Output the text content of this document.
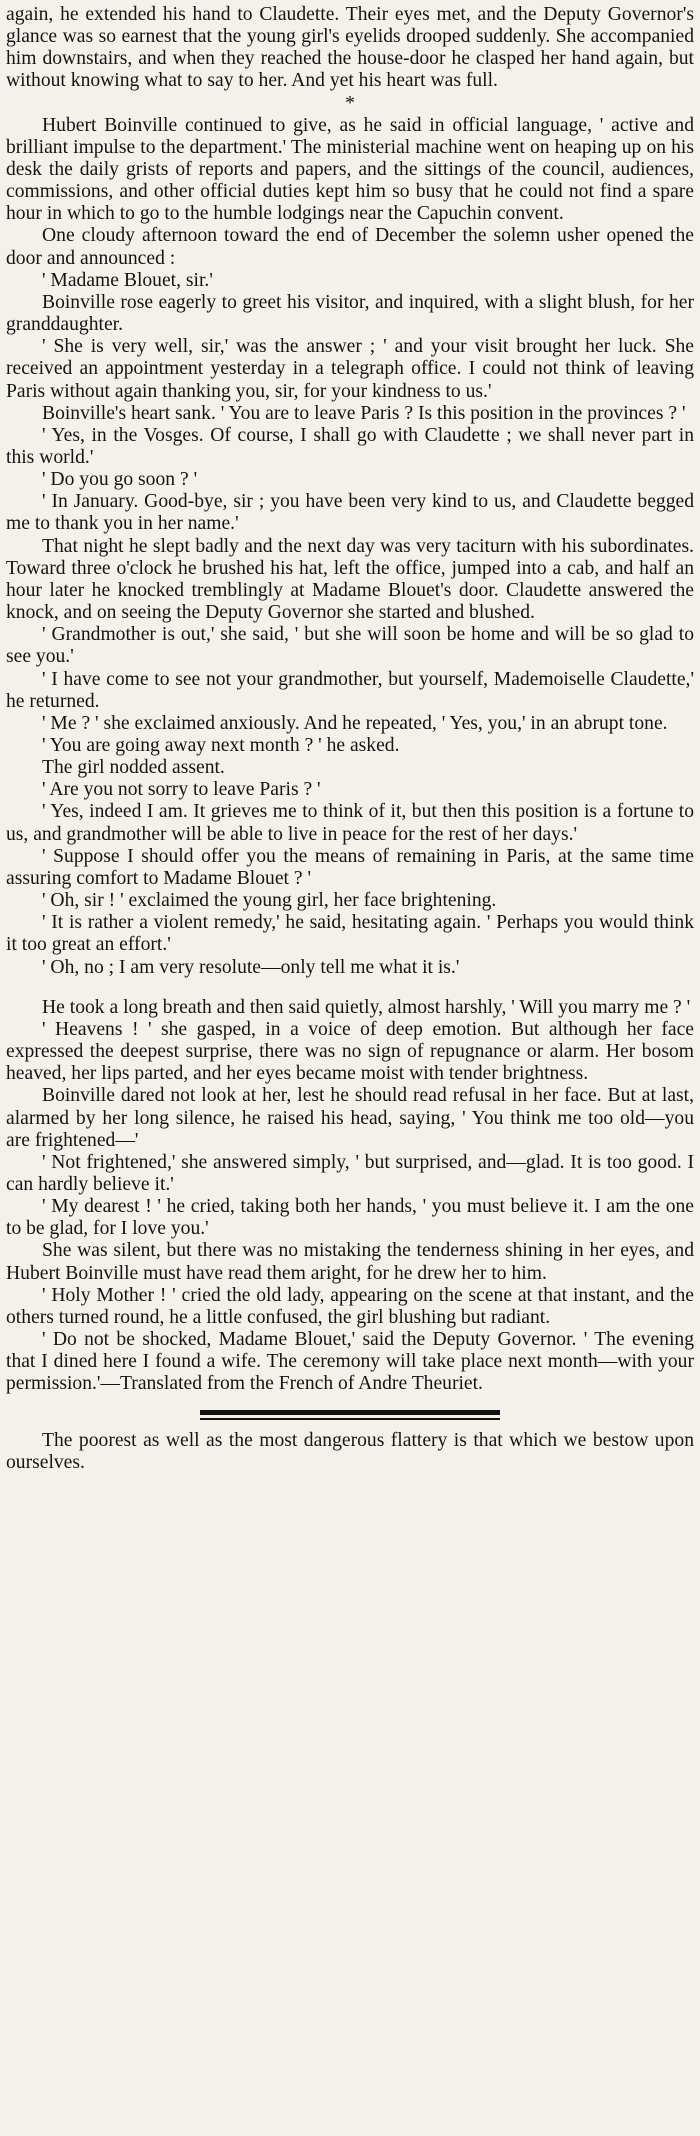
again, he extended his hand to Claudette. Their eyes met, and the Deputy Governor's glance was so earnest that the young girl's eyelids drooped suddenly. She accompanied him downstairs, and when they reached the house-door he clasped her hand again, but without knowing what to say to her. And yet his heart was full.

*

Hubert Boinville continued to give, as he said in official language, ' active and brilliant impulse to the department.' The ministerial machine went on heaping up on his desk the daily grists of reports and papers, and the sittings of the council, audiences, commissions, and other official duties kept him so busy that he could not find a spare hour in which to go to the humble lodgings near the Capuchin convent.

One cloudy afternoon toward the end of December the solemn usher opened the door and announced :

' Madame Blouet, sir.'

Boinville rose eagerly to greet his visitor, and inquired, with a slight blush, for her granddaughter.

' She is very well, sir,' was the answer ; ' and your visit brought her luck. She received an appointment yesterday in a telegraph office. I could not think of leaving Paris without again thanking you, sir, for your kindness to us.'

Boinville's heart sank. ' You are to leave Paris ? Is this position in the provinces ? '

' Yes, in the Vosges. Of course, I shall go with Claudette ; we shall never part in this world.'

' Do you go soon ? '

' In January. Good-bye, sir ; you have been very kind to us, and Claudette begged me to thank you in her name.'

That night he slept badly and the next day was very taciturn with his subordinates. Toward three o'clock he brushed his hat, left the office, jumped into a cab, and half an hour later he knocked tremblingly at Madame Blouet's door. Claudette answered the knock, and on seeing the Deputy Governor she started and blushed.

' Grandmother is out,' she said, ' but she will soon be home and will be so glad to see you.'

' I have come to see not your grandmother, but yourself, Mademoiselle Claudette,' he returned.

' Me ? ' she exclaimed anxiously. And he repeated, ' Yes, you,' in an abrupt tone.

' You are going away next month ? ' he asked.

The girl nodded assent.

' Are you not sorry to leave Paris ? '

' Yes, indeed I am. It grieves me to think of it, but then this position is a fortune to us, and grandmother will be able to live in peace for the rest of her days.'

' Suppose I should offer you the means of remaining in Paris, at the same time assuring comfort to Madame Blouet ? '

' Oh, sir ! ' exclaimed the young girl, her face brightening.

' It is rather a violent remedy,' he said, hesitating again. ' Perhaps you would think it too great an effort.'

' Oh, no ; I am very resolute—only tell me what it is.'

He took a long breath and then said quietly, almost harshly, ' Will you marry me ? '

' Heavens ! ' she gasped, in a voice of deep emotion. But although her face expressed the deepest surprise, there was no sign of repugnance or alarm. Her bosom heaved, her lips parted, and her eyes became moist with tender brightness.

Boinville dared not look at her, lest he should read refusal in her face. But at last, alarmed by her long silence, he raised his head, saying, ' You think me too old—you are frightened—'

' Not frightened,' she answered simply, ' but surprised, and—glad. It is too good. I can hardly believe it.'

' My dearest ! ' he cried, taking both her hands, ' you must believe it. I am the one to be glad, for I love you.'

She was silent, but there was no mistaking the tenderness shining in her eyes, and Hubert Boinville must have read them aright, for he drew her to him.

' Holy Mother ! ' cried the old lady, appearing on the scene at that instant, and the others turned round, he a little confused, the girl blushing but radiant.

' Do not be shocked, Madame Blouet,' said the Deputy Governor. ' The evening that I dined here I found a wife. The ceremony will take place next month—with your permission.'—Translated from the French of Andre Theuriet.

The poorest as well as the most dangerous flattery is that which we bestow upon ourselves.
